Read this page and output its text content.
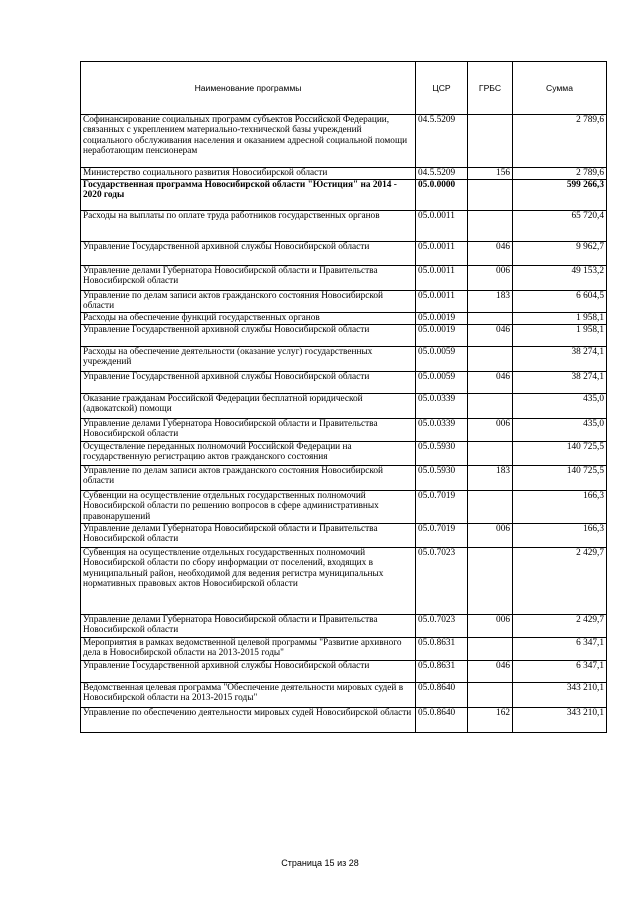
Наименование программы	ЦСР	ГРБС	Сумма
Софинансирование социальных программ субъектов Российской Федерации, связанных с укреплением материально-технической базы учреждений социального обслуживания населения и оказанием адресной социальной помощи неработающим пенсионерам	04.5.5209		2 789,6
Министерство социального развития Новосибирской области	04.5.5209	156	2 789,6
Государственная программа Новосибирской области "Юстиция" на 2014 - 2020 годы	05.0.0000		599 266,3
Расходы на выплаты по оплате труда работников государственных органов	05.0.0011		65 720,4
Управление Государственной архивной службы Новосибирской области	05.0.0011	046	9 962,7
Управление делами Губернатора Новосибирской области и Правительства Новосибирской области	05.0.0011	006	49 153,2
Управление по делам записи актов гражданского состояния Новосибирской области	05.0.0011	183	6 604,5
Расходы на обеспечение функций государственных органов	05.0.0019		1 958,1
Управление Государственной архивной службы Новосибирской области	05.0.0019	046	1 958,1
Расходы на обеспечение деятельности (оказание услуг) государственных учреждений	05.0.0059		38 274,1
Управление Государственной архивной службы Новосибирской области	05.0.0059	046	38 274,1
Оказание гражданам Российской Федерации бесплатной юридической (адвокатской) помощи	05.0.0339		435,0
Управление делами Губернатора Новосибирской области и Правительства Новосибирской области	05.0.0339	006	435,0
Осуществление переданных полномочий Российской Федерации на государственную регистрацию актов гражданского состояния	05.0.5930		140 725,5
Управление по делам записи актов гражданского состояния Новосибирской области	05.0.5930	183	140 725,5
Субвенции на осуществление отдельных государственных полномочий Новосибирской области по решению вопросов в сфере административных правонарушений	05.0.7019		166,3
Управление делами Губернатора Новосибирской области и Правительства Новосибирской области	05.0.7019	006	166,3
Субвенция на осуществление отдельных государственных полномочий Новосибирской области по сбору информации от поселений, входящих в муниципальный район, необходимой для ведения регистра муниципальных нормативных правовых актов Новосибирской области	05.0.7023		2 429,7
Управление делами Губернатора Новосибирской области и Правительства Новосибирской области	05.0.7023	006	2 429,7
Мероприятия в рамках ведомственной целевой программы "Развитие архивного дела в Новосибирской области на 2013-2015 годы"	05.0.8631		6 347,1
Управление Государственной архивной службы Новосибирской области	05.0.8631	046	6 347,1
Ведомственная целевая программа "Обеспечение деятельности мировых судей в Новосибирской области на 2013-2015 годы"	05.0.8640		343 210,1
Управление по обеспечению деятельности мировых судей Новосибирской области	05.0.8640	162	343 210,1
Страница 15 из 28
